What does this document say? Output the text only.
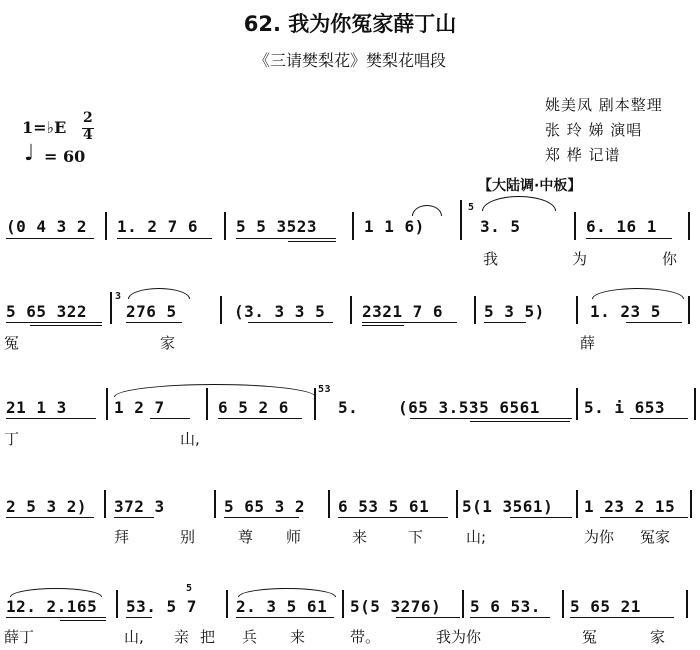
62. 我为你冤家薛丁山
《三请樊梨花》樊梨花唱段
姚美凤 剧本整理
张 玲 娣 演唱
郑 桦 记谱
1=♭E 2
4
♩ = 60
【大陆调·中板】
(0 4 3 2 1. 2 7 6 5 5 3523	1 1 6)
5
3. 5	6. 16 1
我	为	你
5 65 322
3
276 5	(3. 3 3 5 2321 7 6	5 3 5)	1. 23 5
冤	家	薛
21 1 3	1 2 7	6 5 2 6
53
5. (65 3.535 6561	5. i 653
丁	山,
2 5 3 2) 372 3	5 65 3 2 6 53 5 61 5(1 3561) 1 23 2 15
拜	别	尊 师	来	下	山;	为你 冤家
12. 2.165 53. 5 7
5
2. 3 5 61 5(5 3276) 5 6 53. 5 65 21
薛丁	山, 亲 把 兵 来	带。	我为你	冤	家
